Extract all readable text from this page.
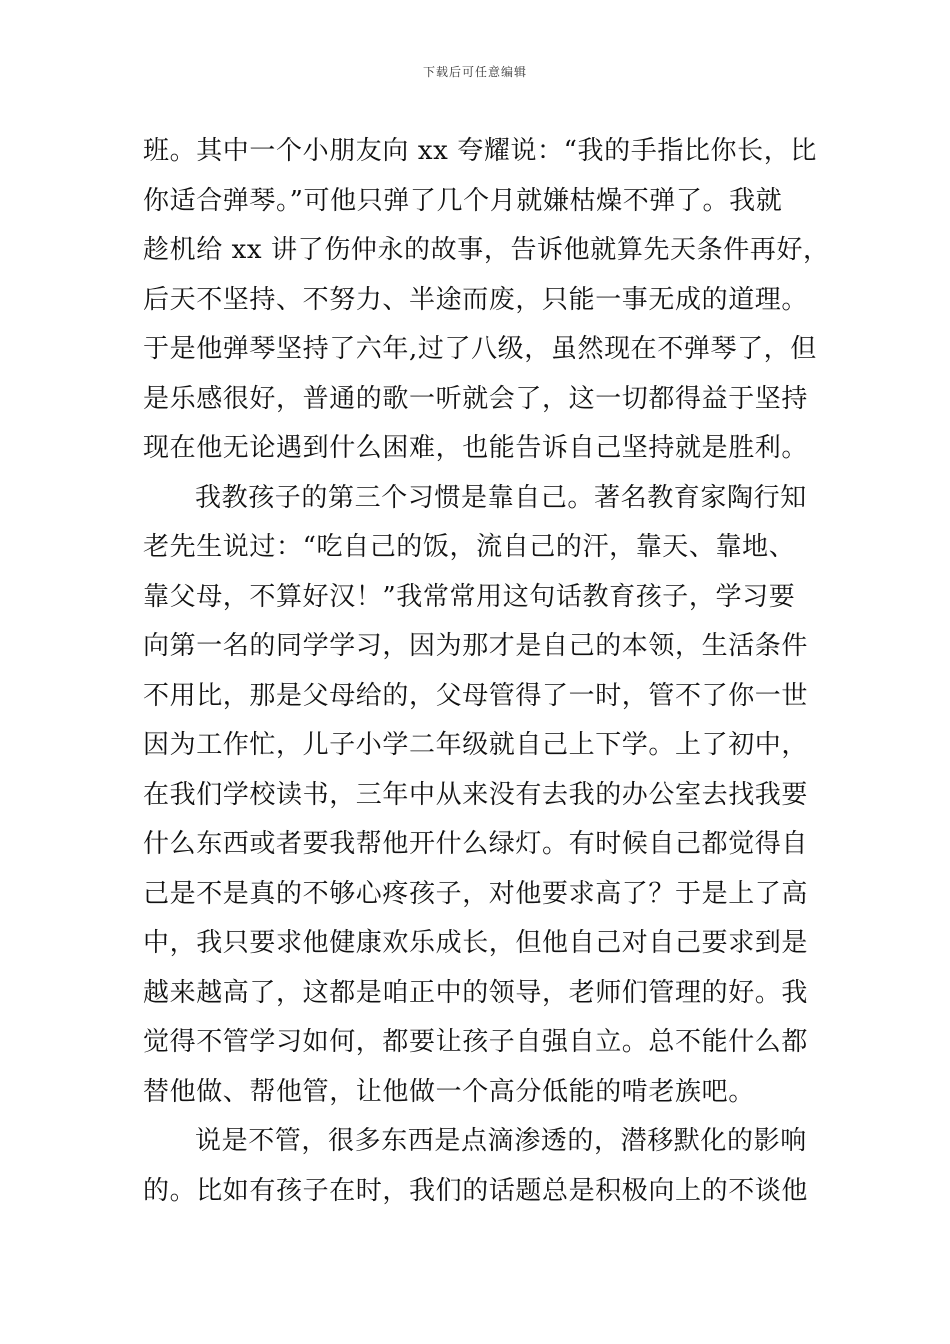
下载后可任意编辑
班。其中一个小朋友向 xx 夸耀说：“我的手指比你长，比
你适合弹琴。”可他只弹了几个月就嫌枯燥不弹了。我就
趁机给 xx 讲了伤仲永的故事，告诉他就算先天条件再好，
后天不坚持、不努力、半途而废，只能一事无成的道理。
于是他弹琴坚持了六年,过了八级，虽然现在不弹琴了，但
是乐感很好，普通的歌一听就会了，这一切都得益于坚持
现在他无论遇到什么困难，也能告诉自己坚持就是胜利。
我教孩子的第三个习惯是靠自己。著名教育家陶行知
老先生说过：“吃自己的饭，流自己的汗，靠天、靠地、
靠父母，不算好汉！”我常常用这句话教育孩子，学习要
向第一名的同学学习，因为那才是自己的本领，生活条件
不用比，那是父母给的，父母管得了一时，管不了你一世
因为工作忙，儿子小学二年级就自己上下学。上了初中，
在我们学校读书，三年中从来没有去我的办公室去找我要
什么东西或者要我帮他开什么绿灯。有时候自己都觉得自
己是不是真的不够心疼孩子，对他要求高了？于是上了高
中，我只要求他健康欢乐成长，但他自己对自己要求到是
越来越高了，这都是咱正中的领导，老师们管理的好。我
觉得不管学习如何，都要让孩子自强自立。总不能什么都
替他做、帮他管，让他做一个高分低能的啃老族吧。
说是不管，很多东西是点滴渗透的，潜移默化的影响
的。比如有孩子在时，我们的话题总是积极向上的不谈他
